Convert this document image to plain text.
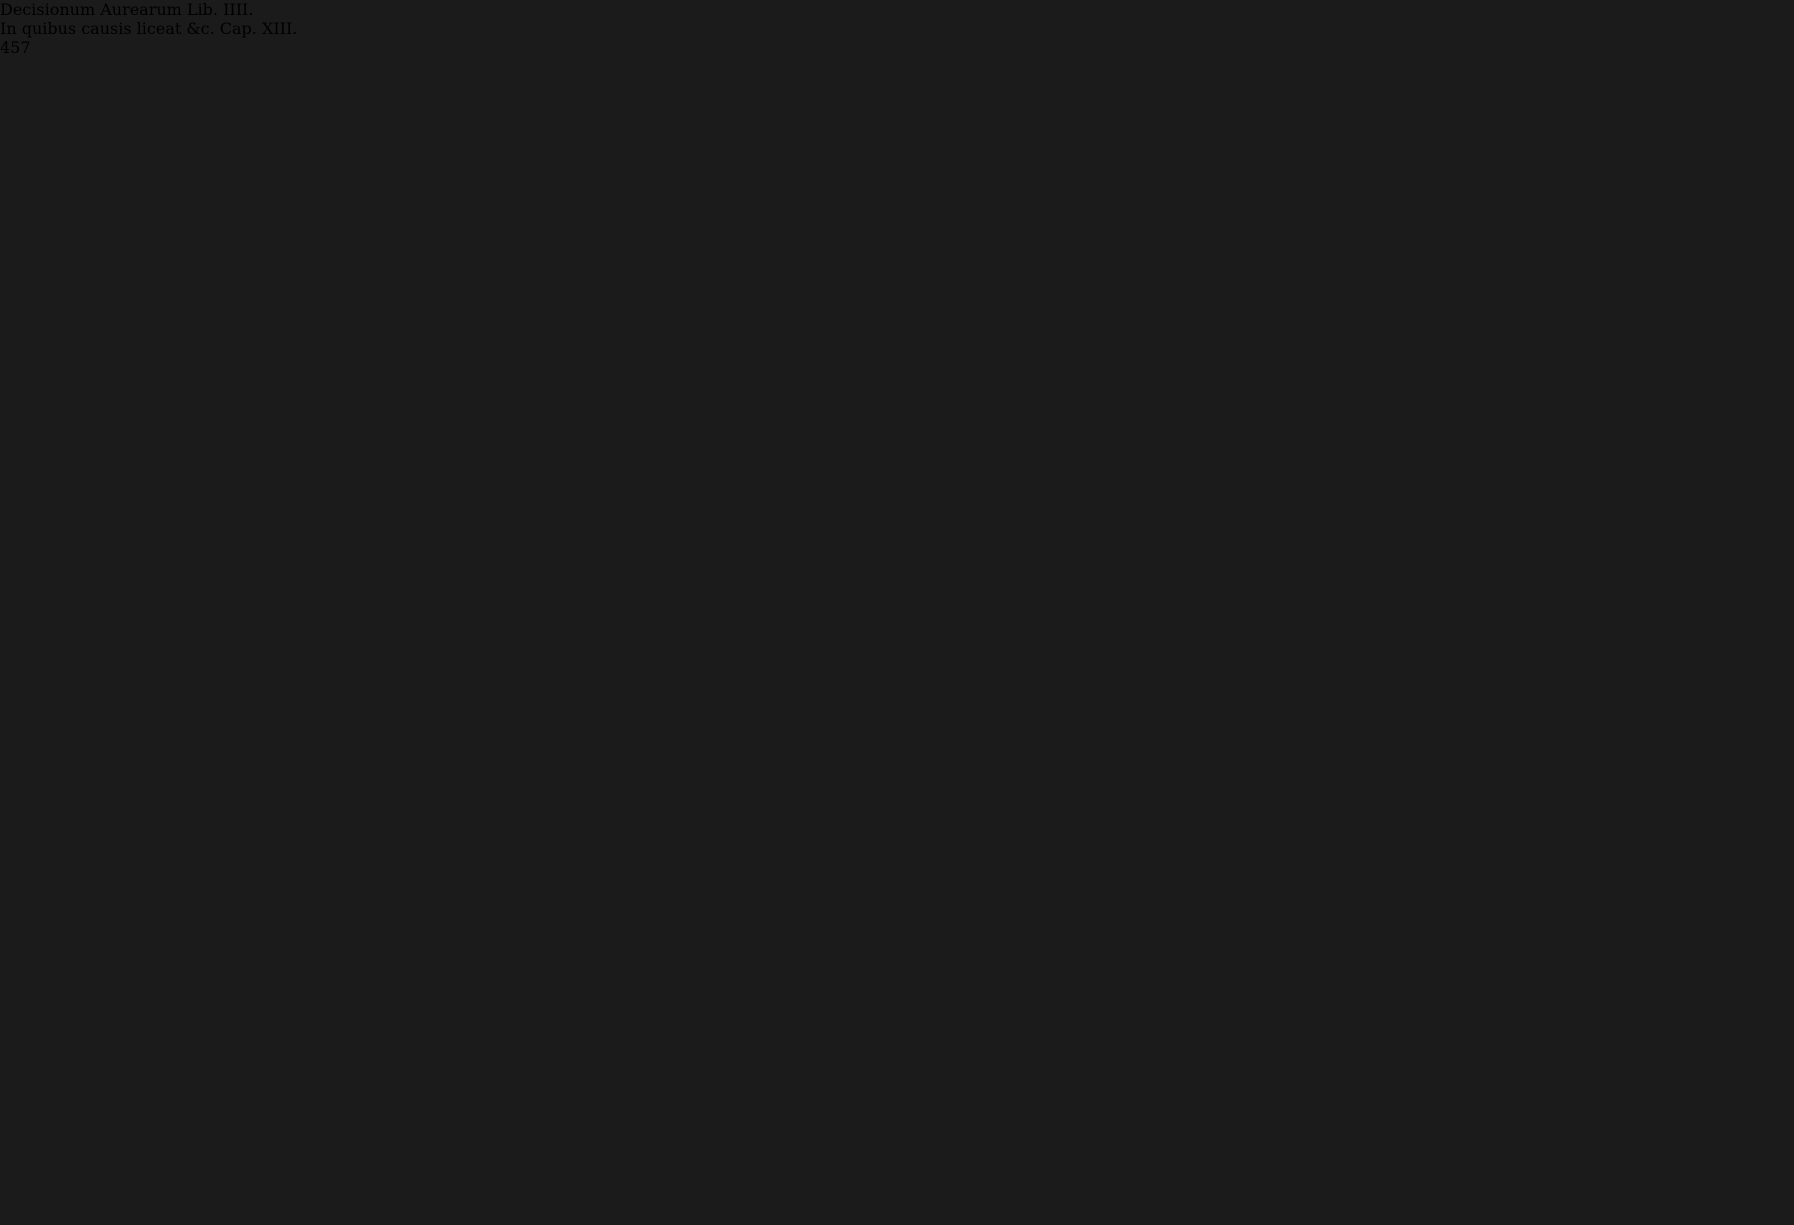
Decisionum Aurearum Lib. IIII.
In quibus causis liceat &c. Cap. XIII.
457
